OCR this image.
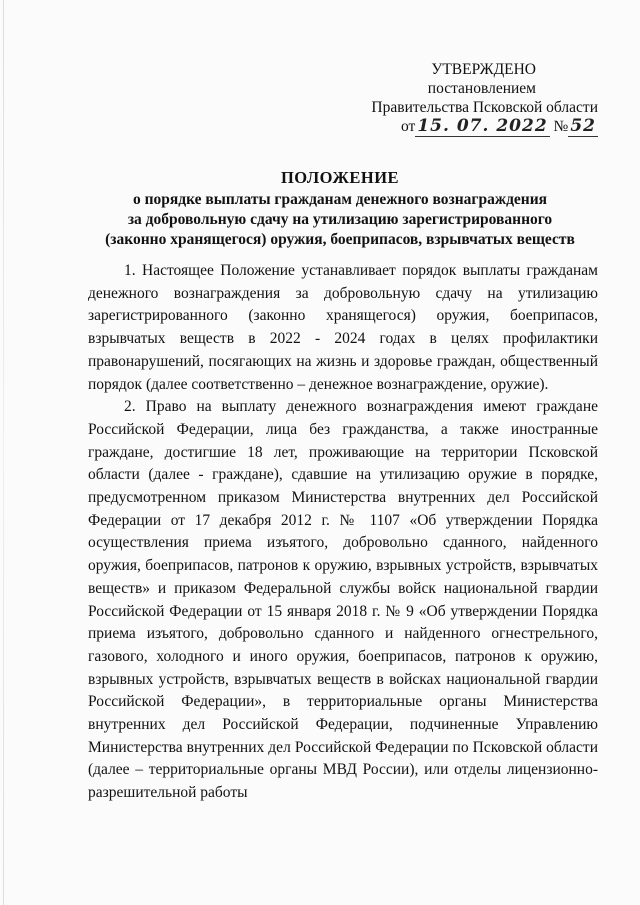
УТВЕРЖДЕНО
постановлением
Правительства Псковской области
от 15. 07. 2022 № 52
ПОЛОЖЕНИЕ
о порядке выплаты гражданам денежного вознаграждения
за добровольную сдачу на утилизацию зарегистрированного
(законно хранящегося) оружия, боеприпасов, взрывчатых веществ

1. Настоящее Положение устанавливает порядок выплаты гражданам денежного вознаграждения за добровольную сдачу на утилизацию зарегистрированного (законно хранящегося) оружия, боеприпасов, взрывчатых веществ в 2022 - 2024 годах в целях профилактики правонарушений, посягающих на жизнь и здоровье граждан, общественный порядок (далее соответственно – денежное вознаграждение, оружие).

2. Право на выплату денежного вознаграждения имеют граждане Российской Федерации, лица без гражданства, а также иностранные граждане, достигшие 18 лет, проживающие на территории Псковской области (далее - граждане), сдавшие на утилизацию оружие в порядке, предусмотренном приказом Министерства внутренних дел Российской Федерации от 17 декабря 2012 г. № 1107 «Об утверждении Порядка осуществления приема изъятого, добровольно сданного, найденного оружия, боеприпасов, патронов к оружию, взрывных устройств, взрывчатых веществ» и приказом Федеральной службы войск национальной гвардии Российской Федерации от 15 января 2018 г. № 9 «Об утверждении Порядка приема изъятого, добровольно сданного и найденного огнестрельного, газового, холодного и иного оружия, боеприпасов, патронов к оружию, взрывных устройств, взрывчатых веществ в войсках национальной гвардии Российской Федерации», в территориальные органы Министерства внутренних дел Российской Федерации, подчиненные Управлению Министерства внутренних дел Российской Федерации по Псковской области (далее – территориальные органы МВД России), или отделы лицензионно-разрешительной работы
